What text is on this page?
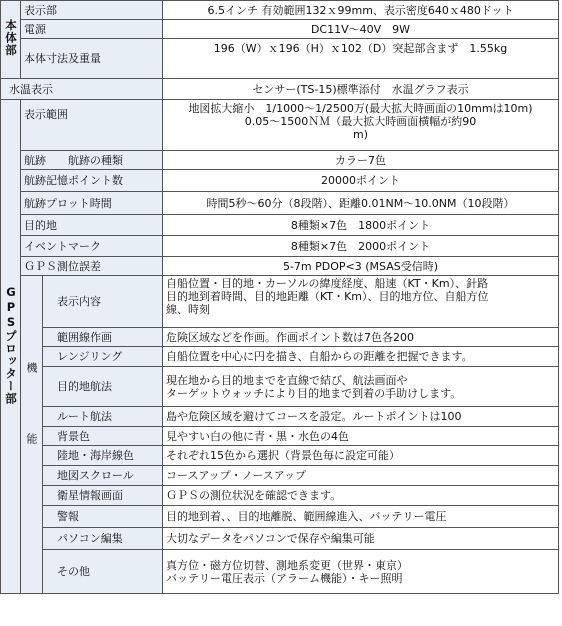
本体部	表示部		6.5インチ 有効範囲132ｘ99mm、表示密度640ｘ480ドット
	電源		DC11V～40V　9W
	本体寸法及重量		196（W）ｘ196（H）ｘ102（D）突起部含まず　1.55kg
水温表示			センサー(TS-15)標準添付　水温グラフ表示
GPSプロッター部	表示範囲		地図拡大縮小　1/1000～1/2500万(最大拡大時画面の10mmは10m)
0.05～1500ＮＭ（最大拡大時画面横幅が約90
m)
	航跡　　航跡の種類		カラー7色
	航跡記憶ポイント数		20000ポイント
	航跡プロット時間		時間5秒～60分（8段階）、距離0.01NM～10.0NM（10段階）
	目的地		8種類×7色　1800ポイント
	イベントマーク		8種類×7色　2000ポイント
	ＧＰＳ測位誤差		5-7m PDOP<3 (MSAS受信時)
	機能	表示内容	自船位置・目的地・カーソルの緯度経度、船速（KT・Km）、針路
目的地到着時間、目的地距離（KT・Km）、目的地方位、自船方位
線、時刻
		範囲線作画	危険区域などを作画。作画ポイント数は7色各200
		レンジリング	自船位置を中心に円を描き、自船からの距離を把握できます。
		目的地航法	現在地から目的地までを直線で結び、航法画面や
ターゲットウォッチにより目的地まで到着の手助けします。
		ルート航法	島や危険区域を避けてコースを設定。ルートポイントは100
		背景色	見やすい白の他に青・黒・水色の4色
		陸地・海岸線色	それぞれ15色から選択（背景色毎に設定可能）
		地図スクロール	コースアップ・ノースアップ
		衛星情報画面	ＧＰＳの測位状況を確認できます。
		警報	目的地到着、、目的地離脱、範囲線進入、バッテリー電圧
		パソコン編集	大切なデータをパソコンで保存や編集可能
		その他	真方位・磁方位切替、測地系変更（世界・東京）
バッテリー電圧表示（アラーム機能）・キー照明
